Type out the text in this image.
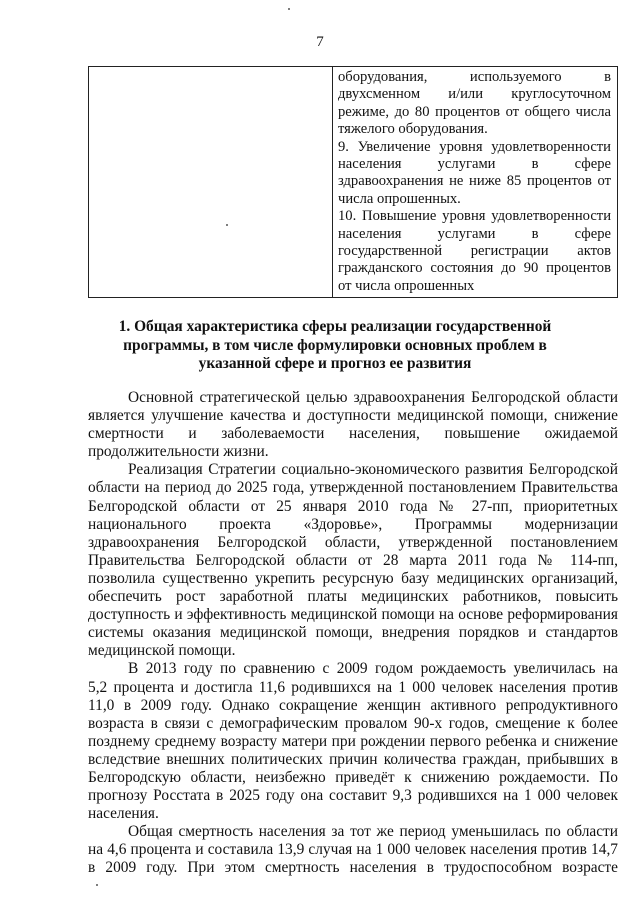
7

оборудования, используемого в
двухсменном и/или круглосуточном
режиме, до 80 процентов от общего числа
тяжелого оборудования.
9. Увеличение уровня удовлетворенности
населения услугами в сфере
здравоохранения не ниже 85 процентов от
числа опрошенных.
10. Повышение уровня удовлетворенности
населения услугами в сфере
государственной регистрации актов
гражданского состояния до 90 процентов
от числа опрошенных
1. Общая характеристика сферы реализации государственной
программы, в том числе формулировки основных проблем в
указанной сфере и прогноз ее развития
Основной стратегической целью здравоохранения Белгородской области
является улучшение качества и доступности медицинской помощи, снижение
смертности и заболеваемости населения, повышение ожидаемой
продолжительности жизни.
Реализация Стратегии социально-экономического развития Белгородской
области на период до 2025 года, утвержденной постановлением Правительства
Белгородской области от 25 января 2010 года № 27-пп, приоритетных
национального проекта «Здоровье», Программы модернизации
здравоохранения Белгородской области, утвержденной постановлением
Правительства Белгородской области от 28 марта 2011 года № 114-пп,
позволила существенно укрепить ресурсную базу медицинских организаций,
обеспечить рост заработной платы медицинских работников, повысить
доступность и эффективность медицинской помощи на основе реформирования
системы оказания медицинской помощи, внедрения порядков и стандартов
медицинской помощи.
В 2013 году по сравнению с 2009 годом рождаемость увеличилась на
5,2 процента и достигла 11,6 родившихся на 1 000 человек населения против
11,0 в 2009 году. Однако сокращение женщин активного репродуктивного
возраста в связи с демографическим провалом 90-х годов, смещение к более
позднему среднему возрасту матери при рождении первого ребенка и снижение
вследствие внешних политических причин количества граждан, прибывших в
Белгородскую области, неизбежно приведёт к снижению рождаемости. По
прогнозу Росстата в 2025 году она составит 9,3 родившихся на 1 000 человек
населения.
Общая смертность населения за тот же период уменьшилась по области
на 4,6 процента и составила 13,9 случая на 1 000 человек населения против 14,7
в 2009 году. При этом смертность населения в трудоспособном возрасте
